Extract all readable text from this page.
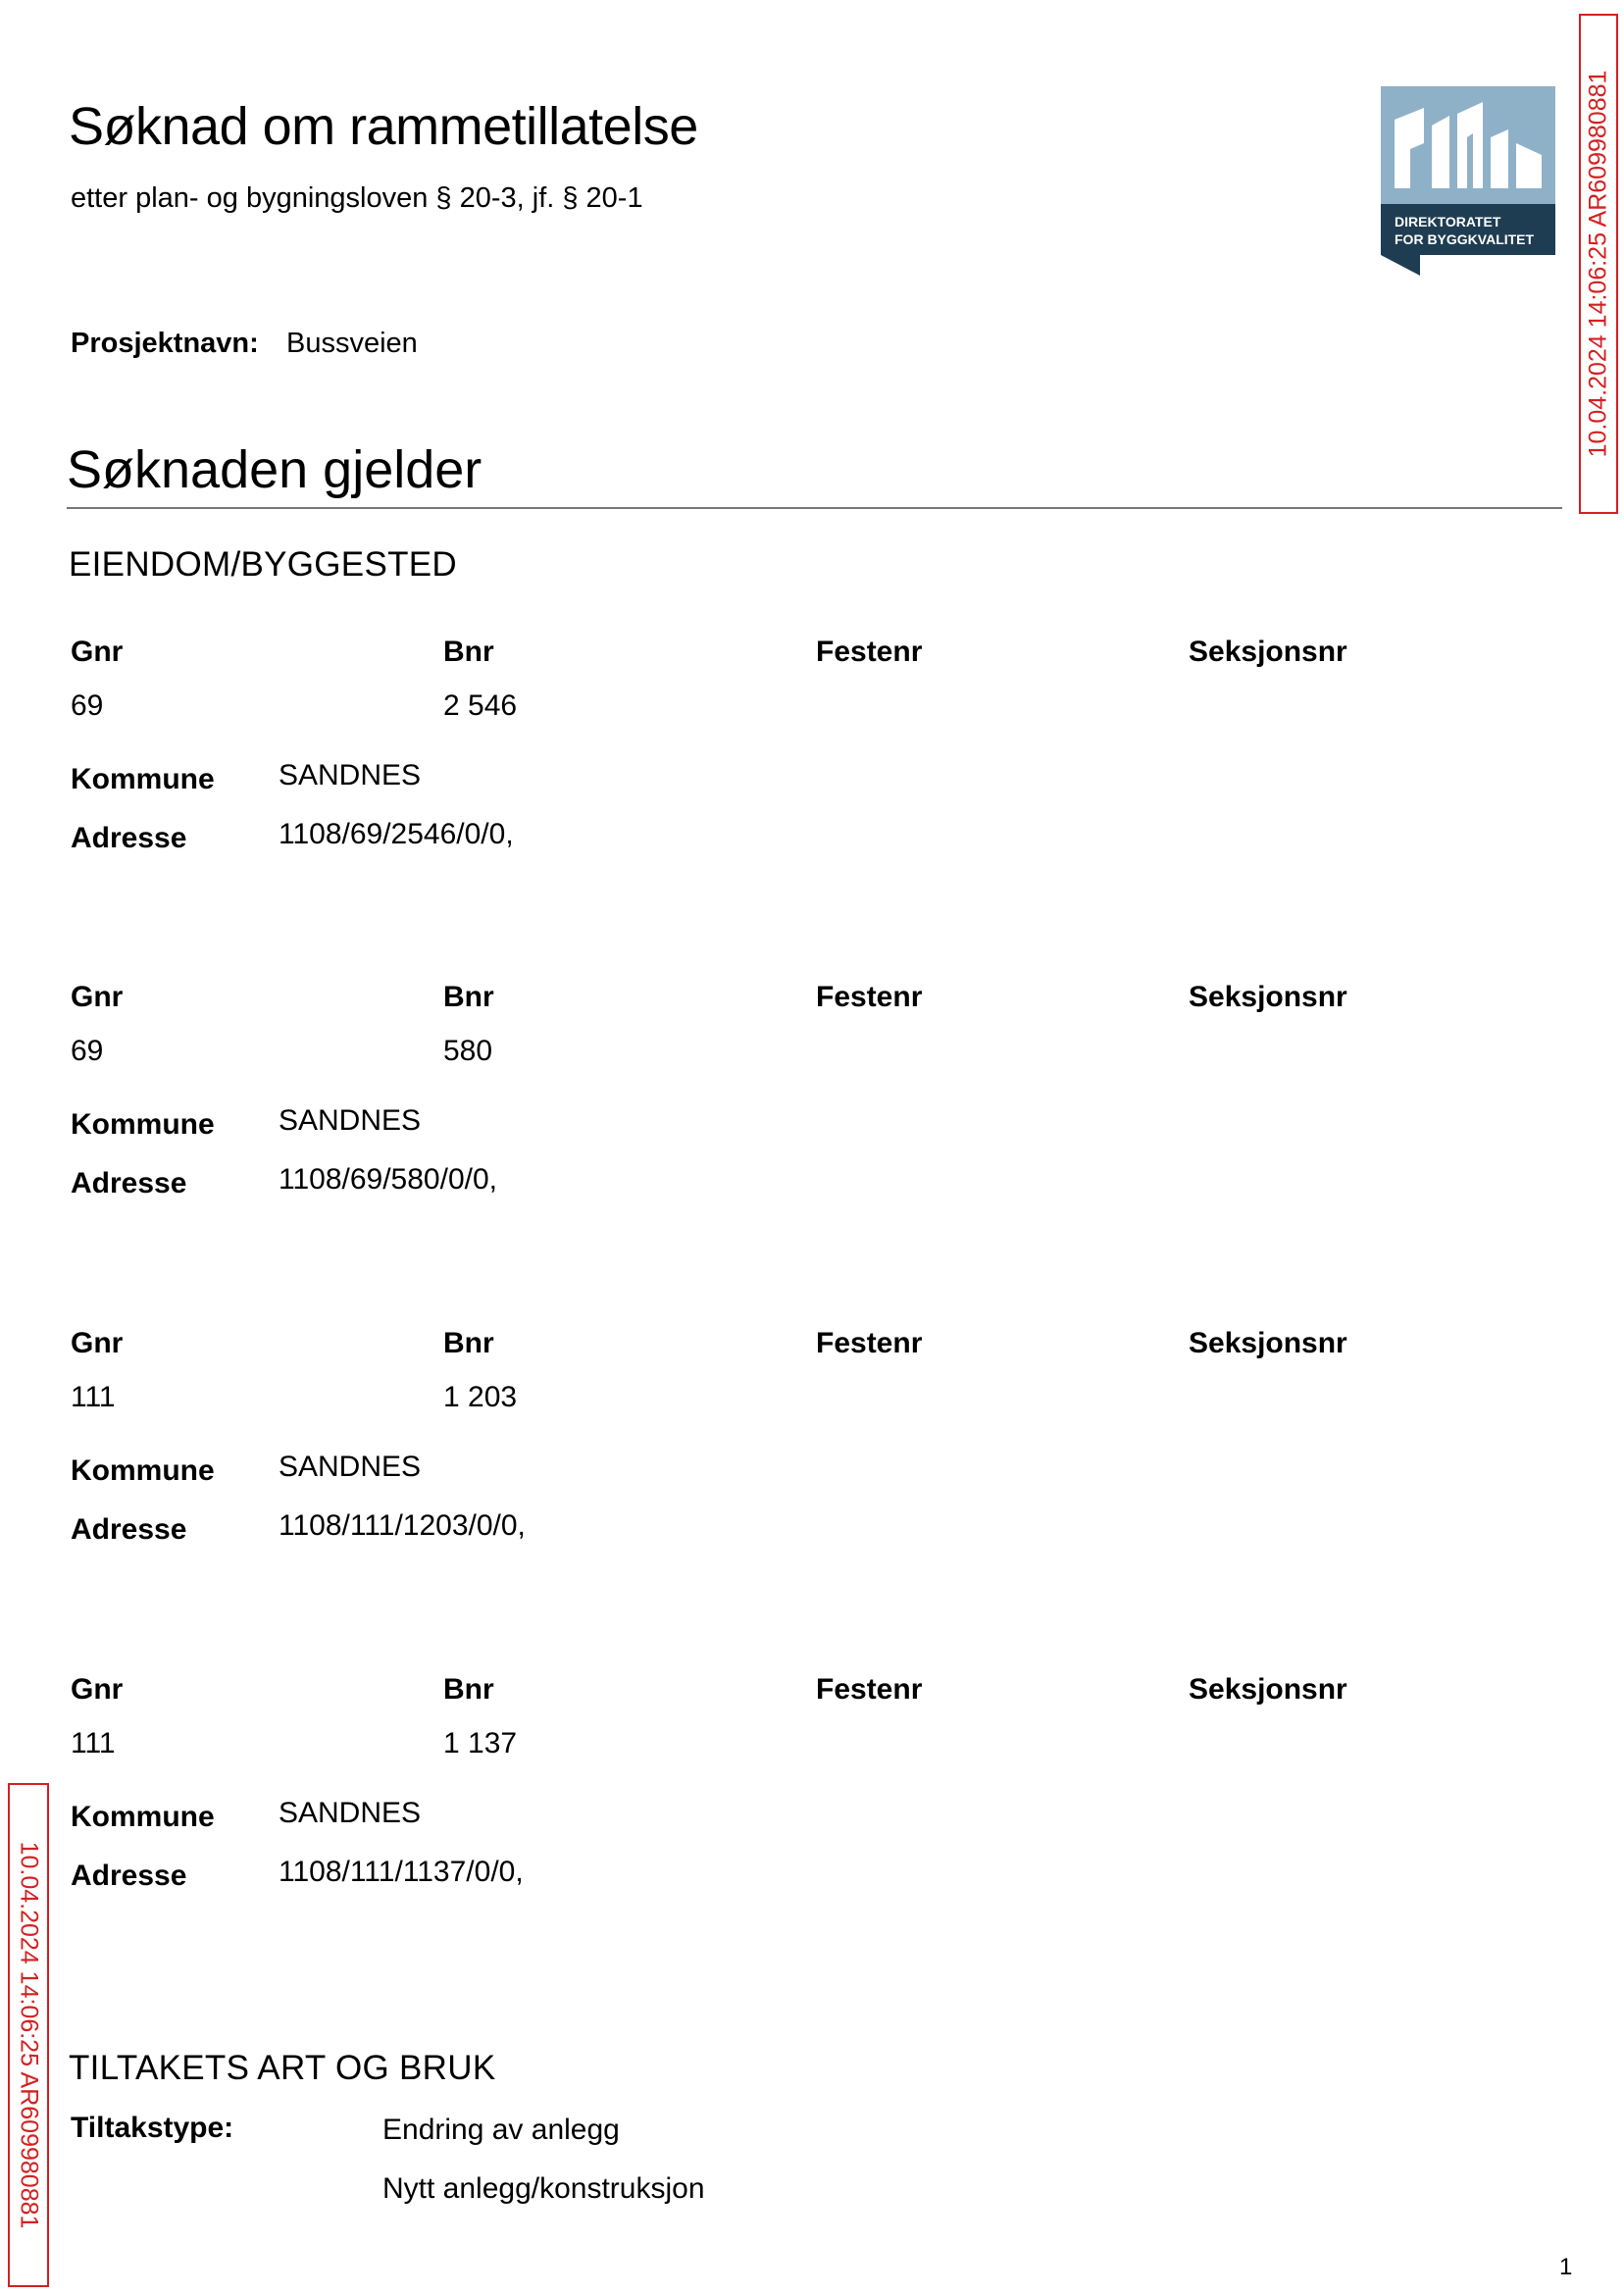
Søknad om rammetillatelse
etter plan- og bygningsloven § 20-3, jf. § 20-1
DIREKTORATET
FOR BYGGKVALITET 10.04.2024 14:06:25 AR609980881
10.04.2024 14:06:25 AR609980881
Prosjektnavn: Bussveien
Søknaden gjelder
EIENDOM/BYGGESTED
Gnr	Bnr	Festenr	Seksjonsnr
69	2 546
Kommune	SANDNES
Adresse	1108/69/2546/0/0,
Gnr	Bnr	Festenr	Seksjonsnr
69	580
Kommune	SANDNES
Adresse	1108/69/580/0/0,
Gnr	Bnr	Festenr	Seksjonsnr
111	1 203
Kommune	SANDNES
Adresse	1108/111/1203/0/0,
Gnr	Bnr	Festenr	Seksjonsnr
111	1 137
Kommune	SANDNES
Adresse	1108/111/1137/0/0,
TILTAKETS ART OG BRUK
Tiltakstype:	Endring av anlegg
Nytt anlegg/konstruksjon
1
